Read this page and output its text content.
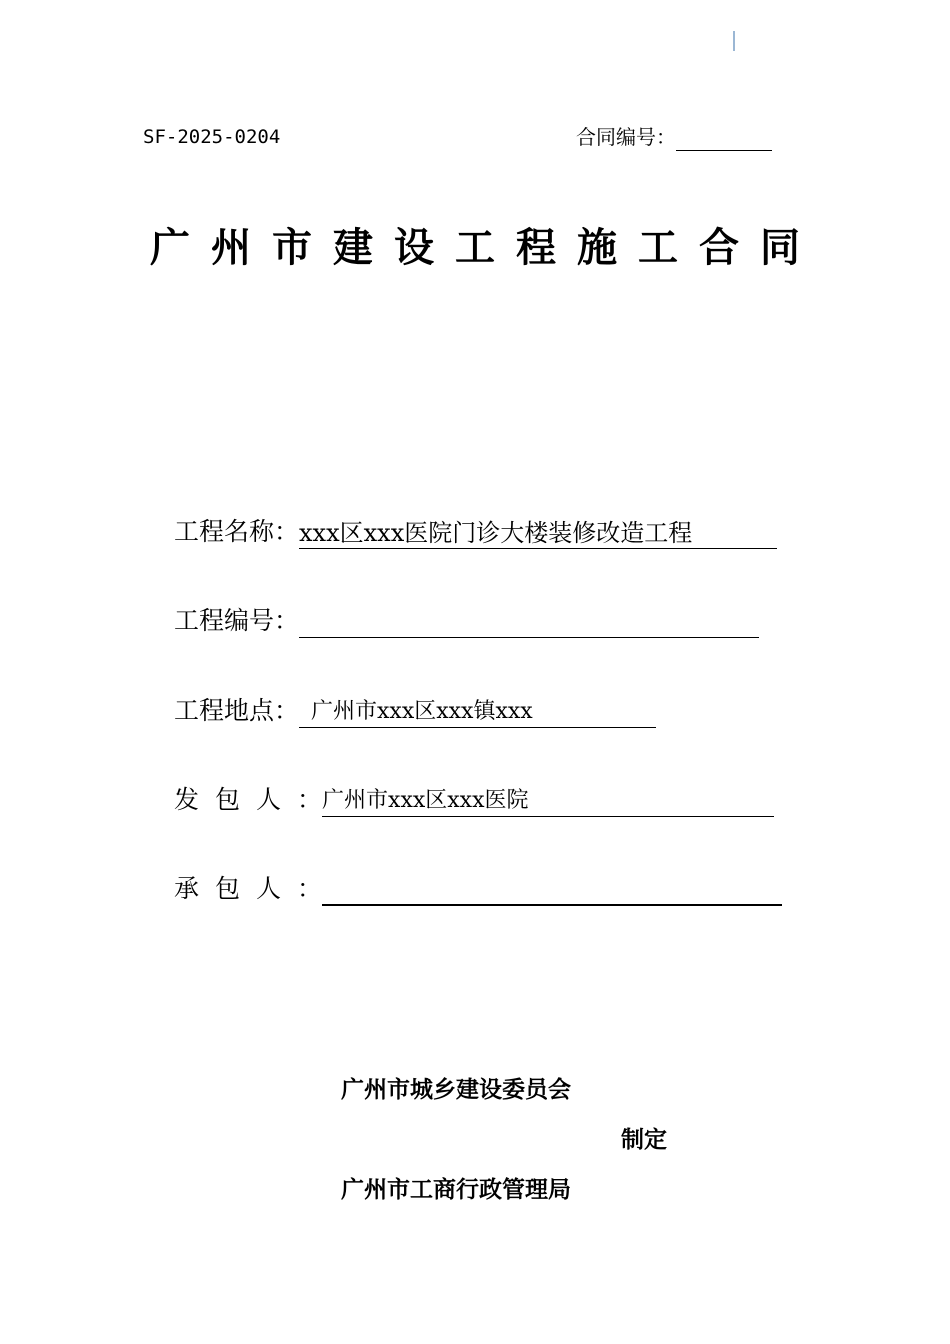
SF-2025-0204	合同编号：
广州市建设工程施工合同
工程名称：xxx区xxx医院门诊大楼装修改造工程
工程编号：
工程地点： 广州市xxx区xxx镇xxx
发包人：广州市xxx区xxx医院
承包人：
广州市城乡建设委员会
制定
广州市工商行政管理局
